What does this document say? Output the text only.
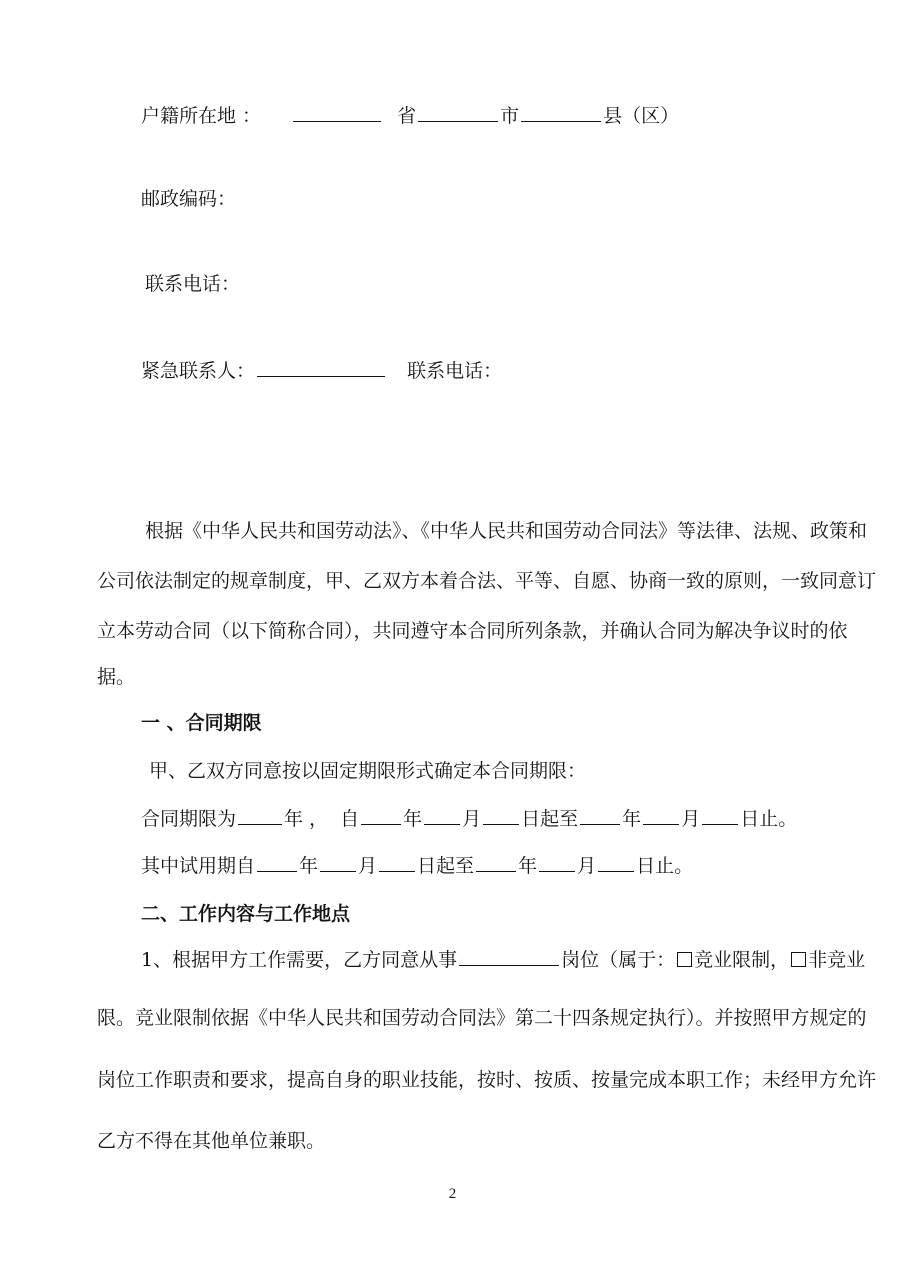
户籍所在地 ：	省	市	县（区）
邮政编码：
联系电话：
紧急联系人：	联系电话：
根据《中华人民共和国劳动法》、《中华人民共和国劳动合同法》等法律、法规、政策和
公司依法制定的规章制度，甲、乙双方本着合法、平等、自愿、协商一致的原则，一致同意订
立本劳动合同（以下简称合同），共同遵守本合同所列条款，并确认合同为解决争议时的依
据。
一 、合同期限
甲、乙双方同意按以固定期限形式确定本合同期限：
合同期限为	年 ， 自 年 月 日起至 年 月 日止。
其中试用期自 年 月 日起至 年 月 日止。
二、工作内容与工作地点
1、根据甲方工作需要，乙方同意从事	岗位（属于： 竞业限制， 非竞业
限。竞业限制依据《中华人民共和国劳动合同法》第二十四条规定执行）。并按照甲方规定的
岗位工作职责和要求，提高自身的职业技能，按时、按质、按量完成本职工作；未经甲方允许
乙方不得在其他单位兼职。
2
